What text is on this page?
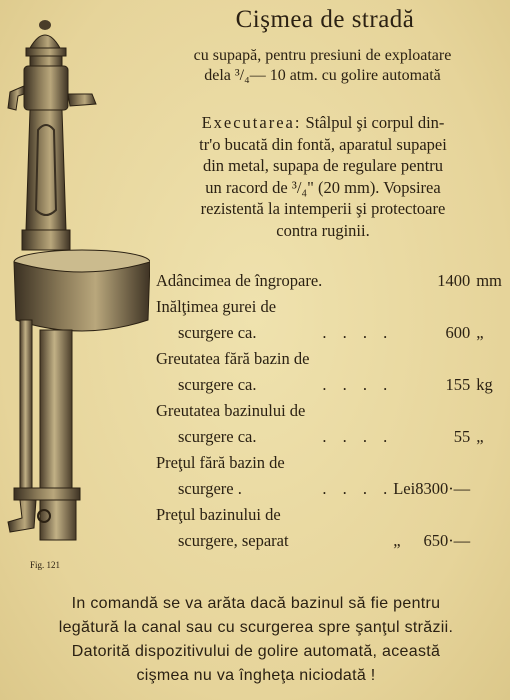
Fig. 121
Cişmea de stradă
cu supapă, pentru presiuni de exploatare
dela ³/₄— 10 atm. cu golire automată
Executarea: Stâlpul şi corpul din-
tr'o bucată din fontă, aparatul supapei
din metal, supapa de regulare pentru
un racord de ³/₄" (20 mm). Vopsirea
rezistentă la intemperii şi protectoare
contra ruginii.
Adâncimea de îngropare.			1400	mm
Inălţimea gurei de				
scurgere ca.	. . . .		600	„
Greutatea fără bazin de				
scurgere ca.	. . . .		155	kg
Greutatea bazinului de				
scurgere ca.	. . . .		55	„
Preţul fără bazin de				
scurgere .	. . . .	Lei	8300·—	
Preţul bazinului de				
scurgere, separat		„	650·—	
In comandă se va arăta dacă bazinul să fie pentru
legătură la canal sau cu scurgerea spre şanţul străzii.
Datorită dispozitivului de golire automată, această
cişmea nu va îngheţa niciodată !
